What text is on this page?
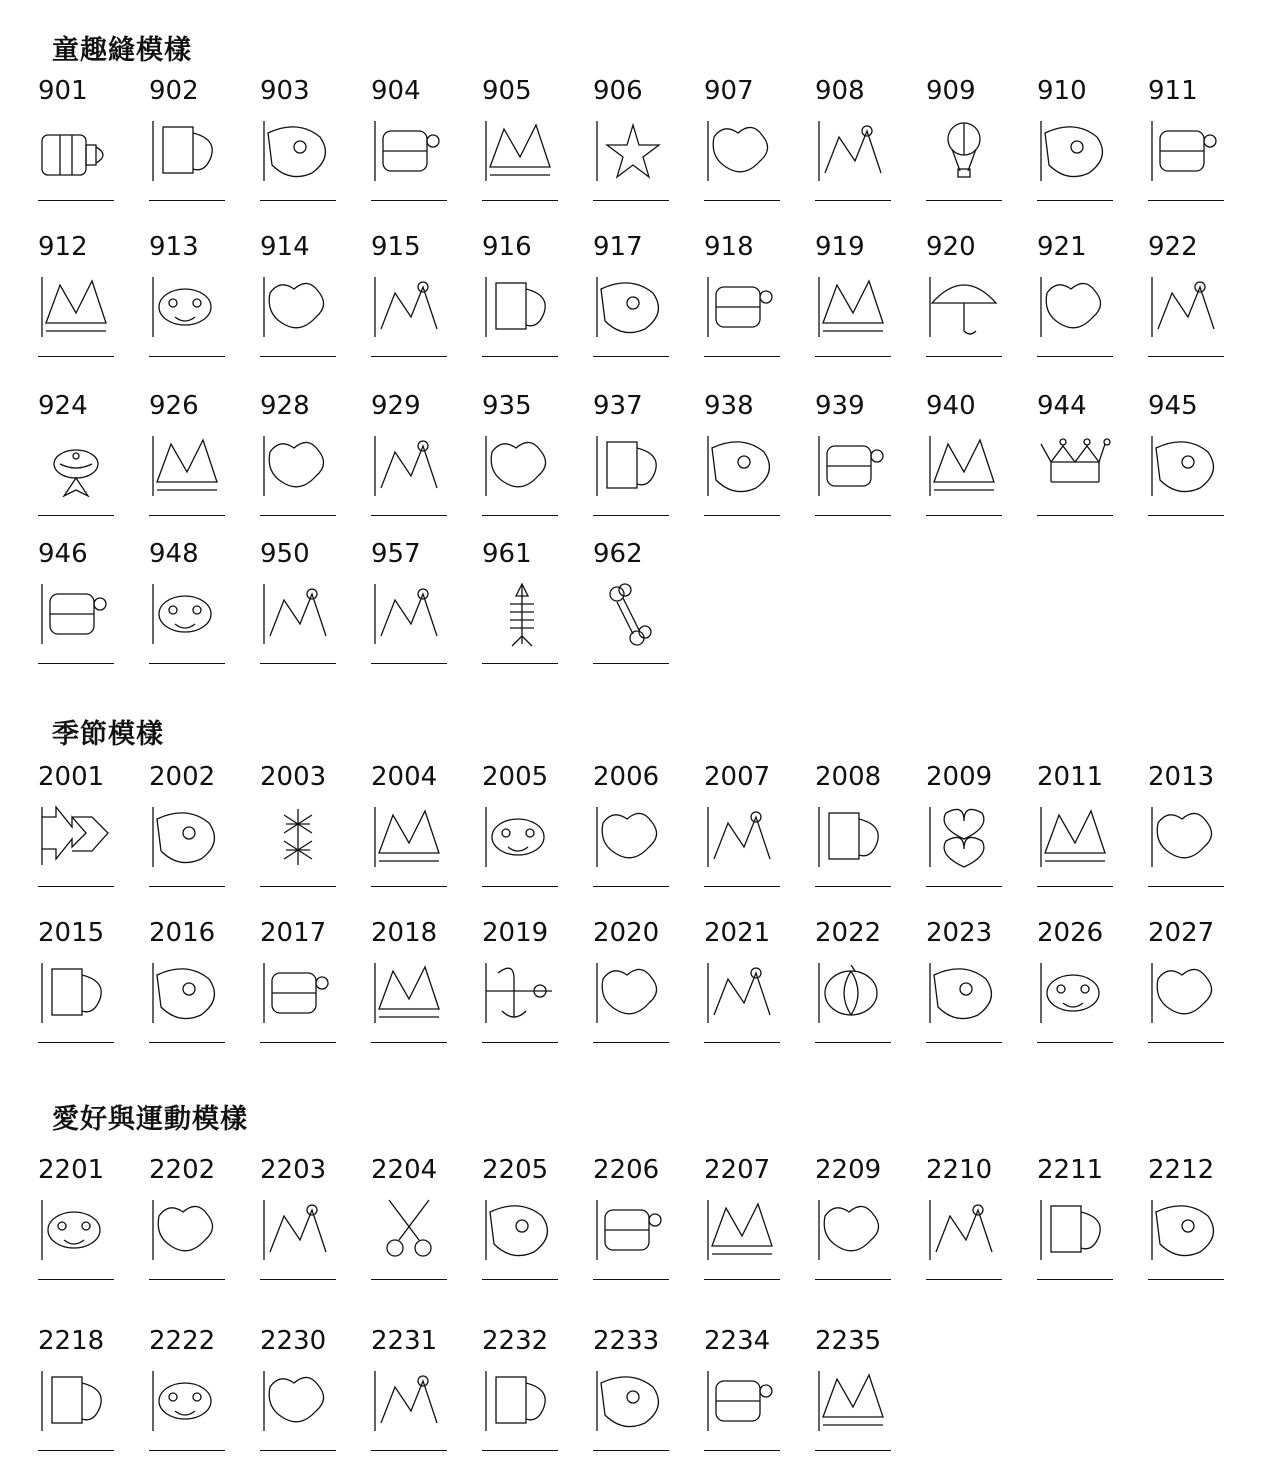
童趣縫模樣
901 902 903 904 905 906 907 908 909 910 911
912 913 914 915 916 917 918 919 920 921 922
924 926 928 929 935 937 938 939 940 944 945
946 948 950 957 961 962
季節模樣
2001 2002 2003 2004 2005 2006 2007 2008 2009 2011 2013
2015 2016 2017 2018 2019 2020 2021 2022 2023 2026 2027
愛好與運動模樣
2201 2202 2203 2204 2205 2206 2207 2209 2210 2211 2212
2218 2222 2230 2231 2232 2233 2234 2235
